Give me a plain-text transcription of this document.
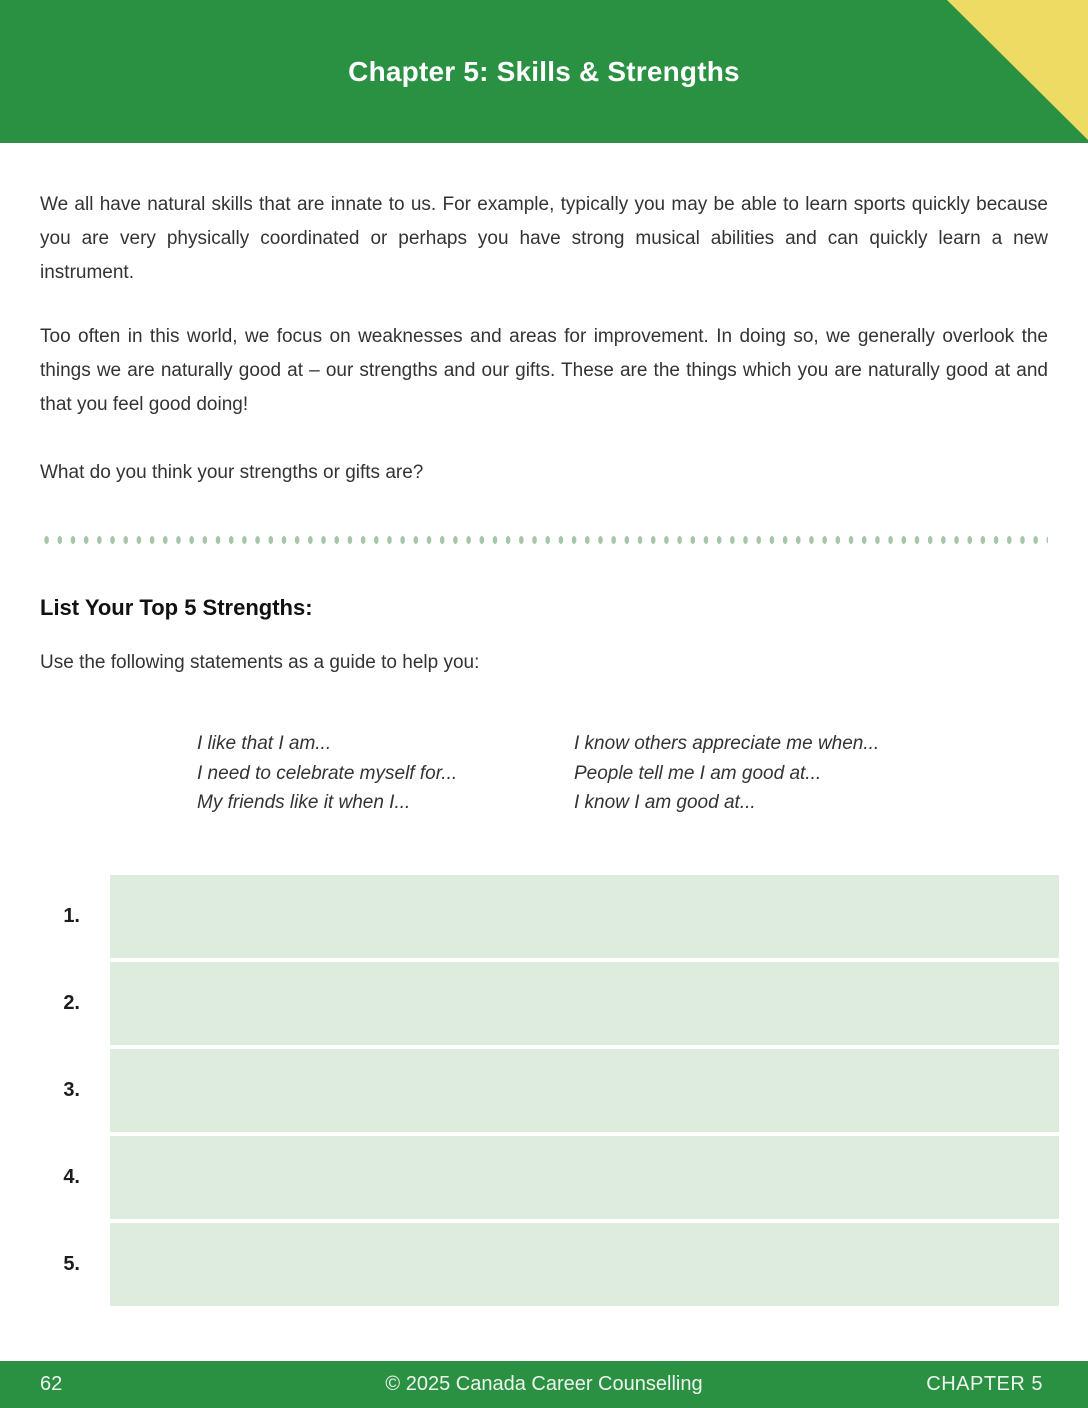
Chapter 5: Skills & Strengths

We all have natural skills that are innate to us. For example, typically you may be able to learn sports quickly because you are very physically coordinated or perhaps you have strong musical abilities and can quickly learn a new instrument.

Too often in this world, we focus on weaknesses and areas for improvement. In doing so, we generally overlook the things we are naturally good at – our strengths and our gifts. These are the things which you are naturally good at and that you feel good doing!

What do you think your strengths or gifts are?

List Your Top 5 Strengths:

Use the following statements as a guide to help you:

I like that I am...
I need to celebrate myself for...
My friends like it when I...
I know others appreciate me when...
People tell me I am good at...
I know I am good at...
1.
2.
3.
4.
5.
62	© 2025 Canada Career Counselling	CHAPTER 5
